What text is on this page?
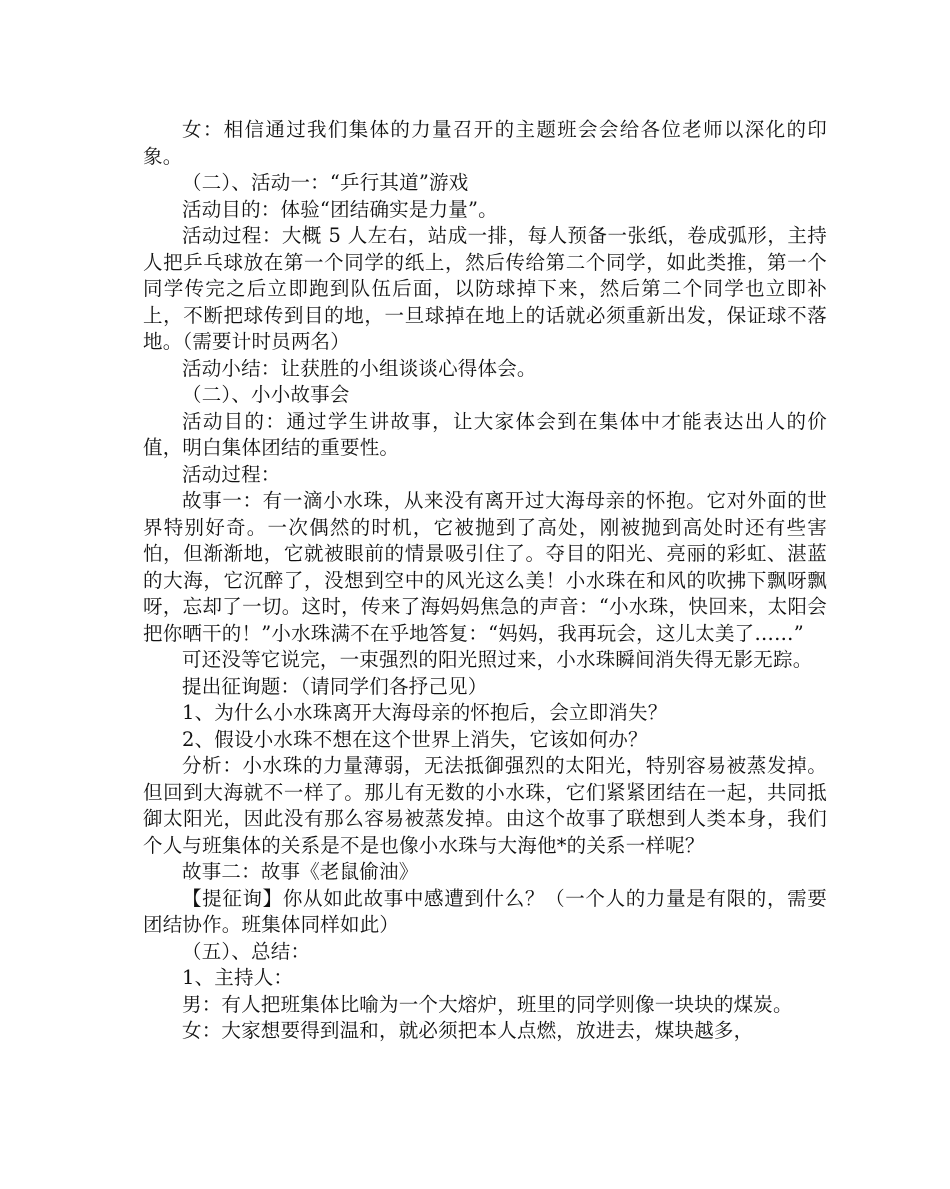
女：相信通过我们集体的力量召开的主题班会会给各位老师以深化的印象。

（二）、活动一：“乒行其道”游戏

活动目的：体验“团结确实是力量”。

活动过程：大概 5 人左右，站成一排，每人预备一张纸，卷成弧形，主持人把乒乓球放在第一个同学的纸上，然后传给第二个同学，如此类推，第一个同学传完之后立即跑到队伍后面，以防球掉下来，然后第二个同学也立即补上，不断把球传到目的地，一旦球掉在地上的话就必须重新出发，保证球不落地。（需要计时员两名）

活动小结：让获胜的小组谈谈心得体会。

（二）、小小故事会

活动目的：通过学生讲故事，让大家体会到在集体中才能表达出人的价值，明白集体团结的重要性。

活动过程：

故事一：有一滴小水珠，从来没有离开过大海母亲的怀抱。它对外面的世界特别好奇。一次偶然的时机，它被抛到了高处，刚被抛到高处时还有些害怕，但渐渐地，它就被眼前的情景吸引住了。夺目的阳光、亮丽的彩虹、湛蓝的大海，它沉醉了，没想到空中的风光这么美！小水珠在和风的吹拂下飘呀飘呀，忘却了一切。这时，传来了海妈妈焦急的声音：“小水珠，快回来，太阳会把你晒干的！”小水珠满不在乎地答复：“妈妈，我再玩会，这儿太美了……”

可还没等它说完，一束强烈的阳光照过来，小水珠瞬间消失得无影无踪。

提出征询题：（请同学们各抒己见）

1、为什么小水珠离开大海母亲的怀抱后，会立即消失？

2、假设小水珠不想在这个世界上消失，它该如何办？

分析：小水珠的力量薄弱，无法抵御强烈的太阳光，特别容易被蒸发掉。但回到大海就不一样了。那儿有无数的小水珠，它们紧紧团结在一起，共同抵御太阳光，因此没有那么容易被蒸发掉。由这个故事了联想到人类本身，我们个人与班集体的关系是不是也像小水珠与大海他*的关系一样呢？

故事二：故事《老鼠偷油》

【提征询】你从如此故事中感遭到什么？（一个人的力量是有限的，需要团结协作。班集体同样如此）

（五）、总结：

1、主持人：

男：有人把班集体比喻为一个大熔炉，班里的同学则像一块块的煤炭。

女：大家想要得到温和，就必须把本人点燃，放进去，煤块越多，
